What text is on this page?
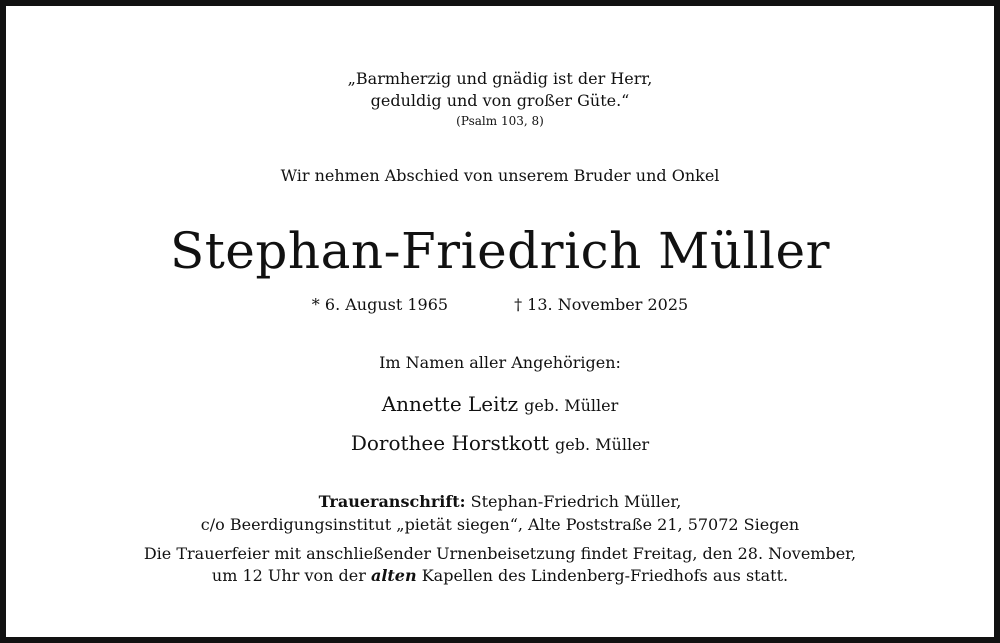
„Barmherzig und gnädig ist der Herr,
geduldig und von großer Güte.“
(Psalm 103, 8)
Wir nehmen Abschied von unserem Bruder und Onkel
Stephan-Friedrich Müller
* 6. August 1965	† 13. November 2025
Im Namen aller Angehörigen:
Annette Leitz geb. Müller
Dorothee Horstkott geb. Müller
Traueranschrift: Stephan-Friedrich Müller,
c/o Beerdigungsinstitut „pietät siegen“, Alte Poststraße 21, 57072 Siegen
Die Trauerfeier mit anschließender Urnenbeisetzung findet Freitag, den 28. November,
um 12 Uhr von der alten Kapellen des Lindenberg-Friedhofs aus statt.
